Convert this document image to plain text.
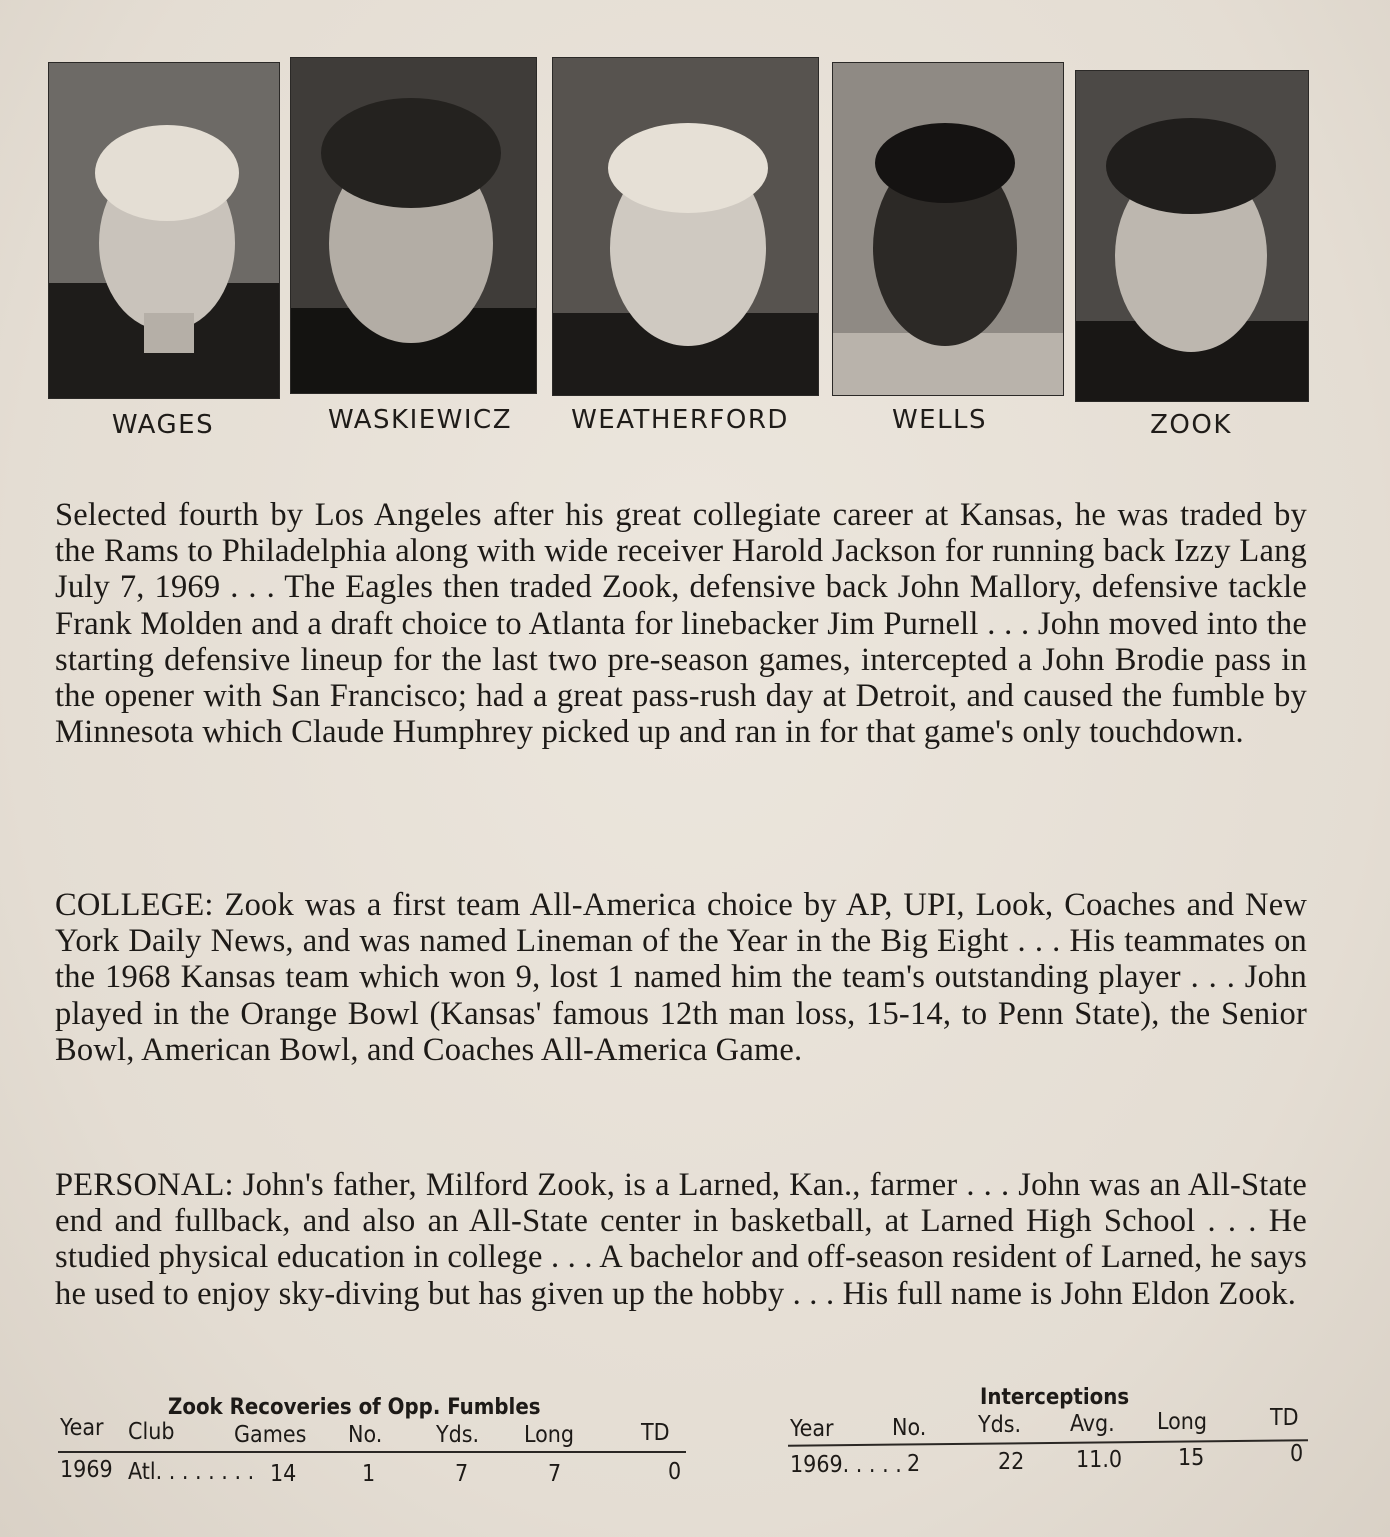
WAGES	WASKIEWICZ	WEATHERFORD	WELLS	ZOOK

Selected fourth by Los Angeles after his great collegiate career at Kansas, he was traded by the Rams to Philadelphia along with wide receiver Harold Jackson for running back Izzy Lang July 7, 1969 . . . The Eagles then traded Zook, defensive back John Mallory, defensive tackle Frank Molden and a draft choice to Atlanta for linebacker Jim Purnell . . . John moved into the starting defensive lineup for the last two pre-season games, intercepted a John Brodie pass in the opener with San Francisco; had a great pass-rush day at Detroit, and caused the fumble by Minnesota which Claude Humphrey picked up and ran in for that game's only touchdown.

COLLEGE: Zook was a first team All-America choice by AP, UPI, Look, Coaches and New York Daily News, and was named Lineman of the Year in the Big Eight . . . His teammates on the 1968 Kansas team which won 9, lost 1 named him the team's outstanding player . . . John played in the Orange Bowl (Kansas' famous 12th man loss, 15-14, to Penn State), the Senior Bowl, American Bowl, and Coaches All-America Game.

PERSONAL: John's father, Milford Zook, is a Larned, Kan., farmer . . . John was an All-State end and fullback, and also an All-State center in basketball, at Larned High School . . . He studied physical education in college . . . A bachelor and off-season resident of Larned, he says he used to enjoy sky-diving but has given up the hobby . . . His full name is John Eldon Zook.

Zook Recoveries of Opp. Fumbles
Year Club	Games No. Yds. Long	TD
1969 Atl. . . . . . . . 14	1	7	7	0
Interceptions
Year	No. Yds. Avg. Long	TD
1969. . . . . 2	22 11.0 15	0
